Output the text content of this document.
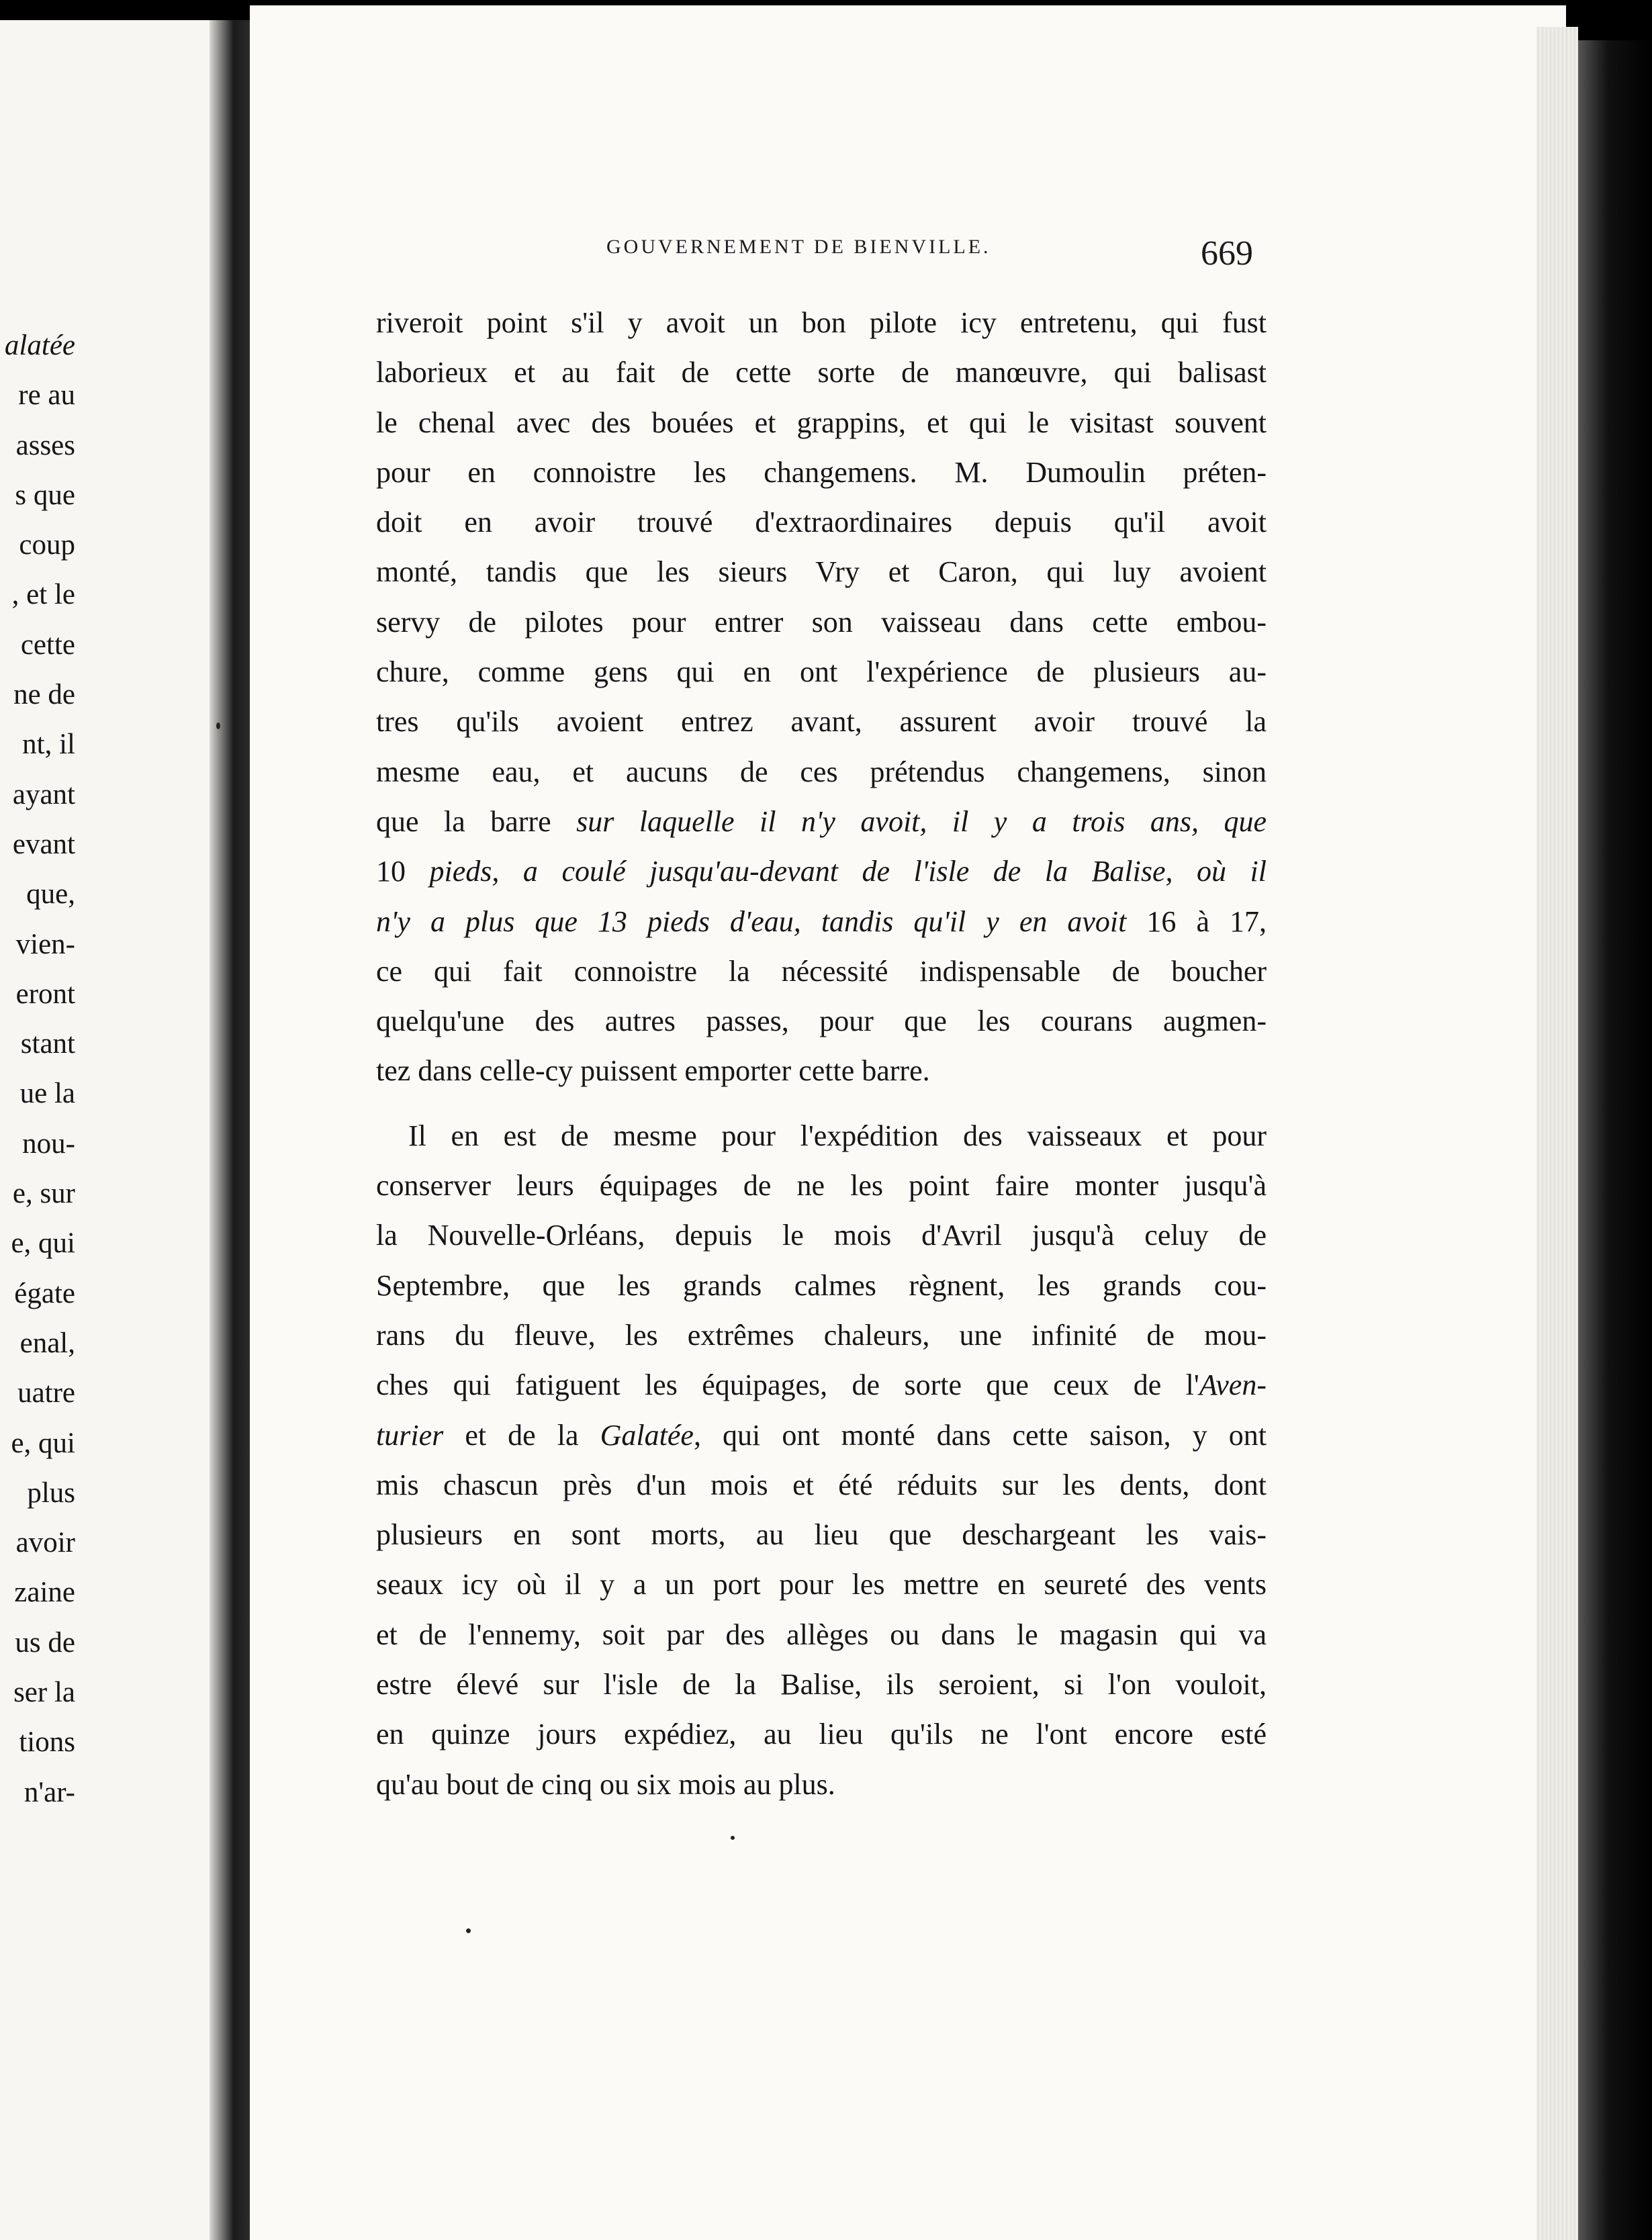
alatée
re au
asses
s que
coup
, et le
cette
ne de
nt, il
ayant
evant
que,
vien-
eront
stant
ue la
nou-
e, sur
e, qui
égate
enal,
uatre
e, qui
plus
avoir
zaine
us de
ser la
tions
n'ar-
GOUVERNEMENT DE BIENVILLE.	669
riveroit point s'il y avoit un bon pilote icy entretenu, qui fust
laborieux et au fait de cette sorte de manœuvre, qui balisast
le chenal avec des bouées et grappins, et qui le visitast souvent
pour en connoistre les changemens. M. Dumoulin préten-
doit en avoir trouvé d'extraordinaires depuis qu'il avoit
monté, tandis que les sieurs Vry et Caron, qui luy avoient
servy de pilotes pour entrer son vaisseau dans cette embou-
chure, comme gens qui en ont l'expérience de plusieurs au-
tres qu'ils avoient entrez avant, assurent avoir trouvé la
mesme eau, et aucuns de ces prétendus changemens, sinon
que la barre sur laquelle il n'y avoit, il y a trois ans, que
10 pieds, a coulé jusqu'au-devant de l'isle de la Balise, où il
n'y a plus que 13 pieds d'eau, tandis qu'il y en avoit 16 à 17,
ce qui fait connoistre la nécessité indispensable de boucher
quelqu'une des autres passes, pour que les courans augmen-
tez dans celle-cy puissent emporter cette barre.
Il en est de mesme pour l'expédition des vaisseaux et pour
conserver leurs équipages de ne les point faire monter jusqu'à
la Nouvelle-Orléans, depuis le mois d'Avril jusqu'à celuy de
Septembre, que les grands calmes règnent, les grands cou-
rans du fleuve, les extrêmes chaleurs, une infinité de mou-
ches qui fatiguent les équipages, de sorte que ceux de l'Aven-
turier et de la Galatée, qui ont monté dans cette saison, y ont
mis chascun près d'un mois et été réduits sur les dents, dont
plusieurs en sont morts, au lieu que deschargeant les vais-
seaux icy où il y a un port pour les mettre en seureté des vents
et de l'ennemy, soit par des allèges ou dans le magasin qui va
estre élevé sur l'isle de la Balise, ils seroient, si l'on vouloit,
en quinze jours expédiez, au lieu qu'ils ne l'ont encore esté
qu'au bout de cinq ou six mois au plus.
